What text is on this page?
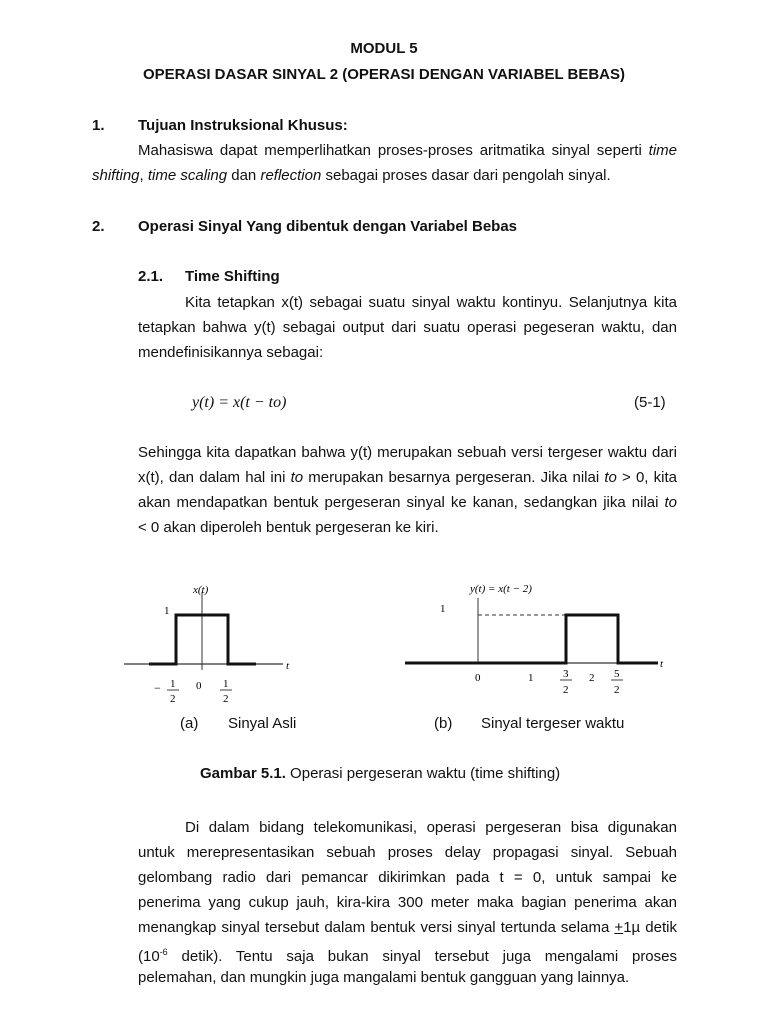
MODUL 5
OPERASI DASAR SINYAL 2 (OPERASI DENGAN VARIABEL BEBAS)
1. Tujuan Instruksional Khusus:
Mahasiswa dapat memperlihatkan proses-proses aritmatika sinyal seperti time
shifting, time scaling dan reflection sebagai proses dasar dari pengolah sinyal.
2. Operasi Sinyal Yang dibentuk dengan Variabel Bebas
2.1. Time Shifting
Kita tetapkan x(t) sebagai suatu sinyal waktu kontinyu. Selanjutnya kita
tetapkan bahwa y(t) sebagai output dari suatu operasi pegeseran waktu, dan
mendefinisikannya sebagai:
y(t) = x(t − to)	(5-1)
Sehingga kita dapatkan bahwa y(t) merupakan sebuah versi tergeser waktu dari
x(t), dan dalam hal ini to merupakan besarnya pergeseran. Jika nilai to > 0, kita
akan mendapatkan bentuk pergeseran sinyal ke kanan, sedangkan jika nilai to
< 0 akan diperoleh bentuk pergeseran ke kiri.
x(t)
1
t
− 1
2
0 1
2
y(t) = x(t − 2)
1
t
0	1	3
2
2 5
2
(a) Sinyal Asli	(b) Sinyal tergeser waktu
Gambar 5.1. Operasi pergeseran waktu (time shifting)
Di dalam bidang telekomunikasi, operasi pergeseran bisa digunakan
untuk merepresentasikan sebuah proses delay propagasi sinyal. Sebuah
gelombang radio dari pemancar dikirimkan pada t = 0, untuk sampai ke
penerima yang cukup jauh, kira-kira 300 meter maka bagian penerima akan
menangkap sinyal tersebut dalam bentuk versi sinyal tertunda selama +1µ detik
($10^{-6}$ detik). Tentu saja bukan sinyal tersebut juga mengalami proses
pelemahan, dan mungkin juga mangalami bentuk gangguan yang lainnya.
